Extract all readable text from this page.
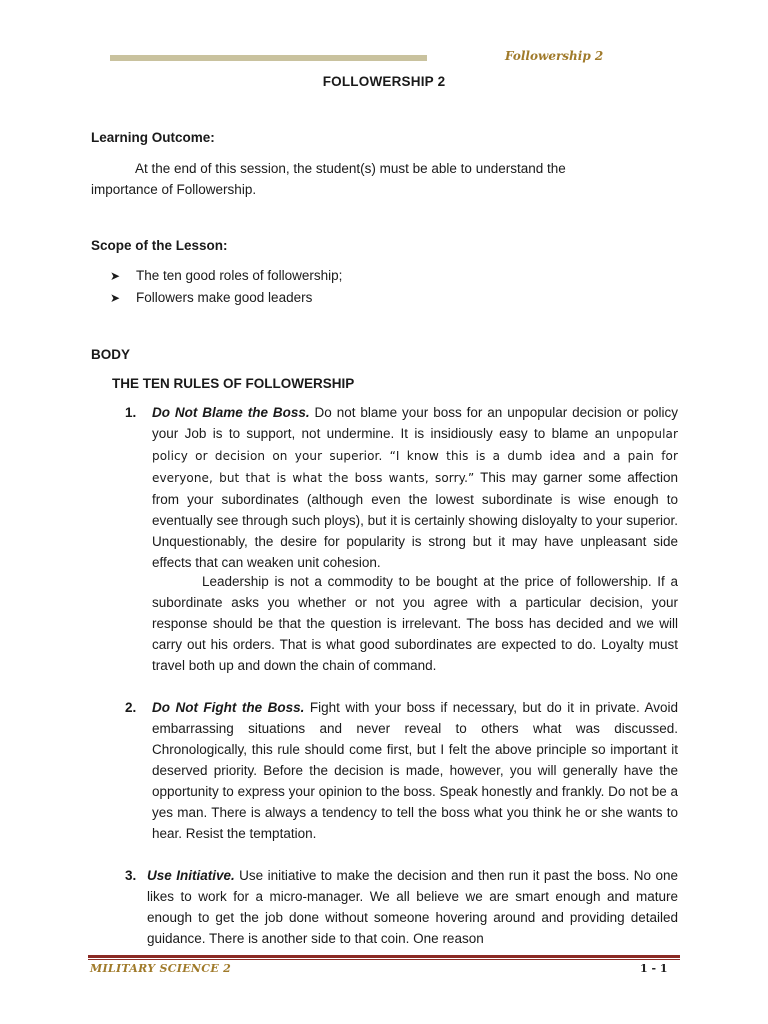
Followership 2
FOLLOWERSHIP 2
Learning Outcome:
At the end of this session, the student(s) must be able to understand the
importance of Followership.
Scope of the Lesson:
➤ The ten good roles of followership;
➤ Followers make good leaders
BODY
THE TEN RULES OF FOLLOWERSHIP
1. Do Not Blame the Boss. Do not blame your boss for an unpopular decision or policy your Job is to support, not undermine. It is insidiously easy to blame an unpopular policy or decision on your superior. “I know this is a dumb idea and a pain for everyone, but that is what the boss wants, sorry.” This may garner some affection from your subordinates (although even the lowest subordinate is wise enough to eventually see through such ploys), but it is certainly showing disloyalty to your superior. Unquestionably, the desire for popularity is strong but it may have unpleasant side effects that can weaken unit cohesion.
Leadership is not a commodity to be bought at the price of followership. If a subordinate asks you whether or not you agree with a particular decision, your response should be that the question is irrelevant. The boss has decided and we will carry out his orders. That is what good subordinates are expected to do. Loyalty must travel both up and down the chain of command.
2. Do Not Fight the Boss. Fight with your boss if necessary, but do it in private. Avoid embarrassing situations and never reveal to others what was discussed. Chronologically, this rule should come first, but I felt the above principle so important it deserved priority. Before the decision is made, however, you will generally have the opportunity to express your opinion to the boss. Speak honestly and frankly. Do not be a yes man. There is always a tendency to tell the boss what you think he or she wants to hear. Resist the temptation.
3. Use Initiative. Use initiative to make the decision and then run it past the boss. No one likes to work for a micro-manager. We all believe we are smart enough and mature enough to get the job done without someone hovering around and providing detailed guidance. There is another side to that coin. One reason
MILITARY SCIENCE 2	1 - 1
